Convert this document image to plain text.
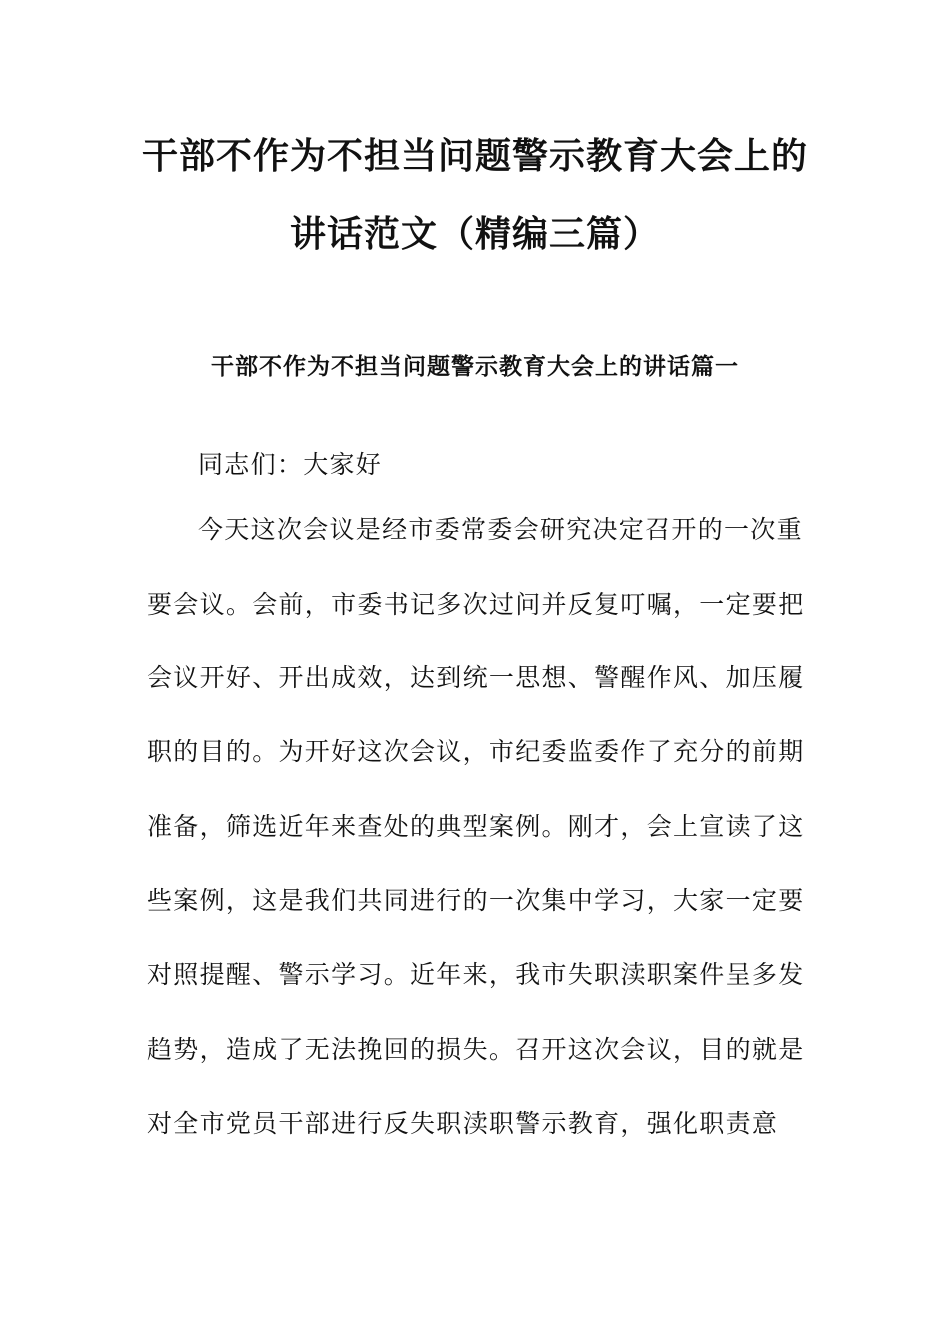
干部不作为不担当问题警示教育大会上的
讲话范文（精编三篇）
干部不作为不担当问题警示教育大会上的讲话篇一
同志们：大家好
今天这次会议是经市委常委会研究决定召开的一次重
要会议。会前，市委书记多次过问并反复叮嘱，一定要把
会议开好、开出成效，达到统一思想、警醒作风、加压履
职的目的。为开好这次会议，市纪委监委作了充分的前期
准备，筛选近年来查处的典型案例。刚才，会上宣读了这
些案例，这是我们共同进行的一次集中学习，大家一定要
对照提醒、警示学习。近年来，我市失职渎职案件呈多发
趋势，造成了无法挽回的损失。召开这次会议，目的就是
对全市党员干部进行反失职渎职警示教育，强化职责意
